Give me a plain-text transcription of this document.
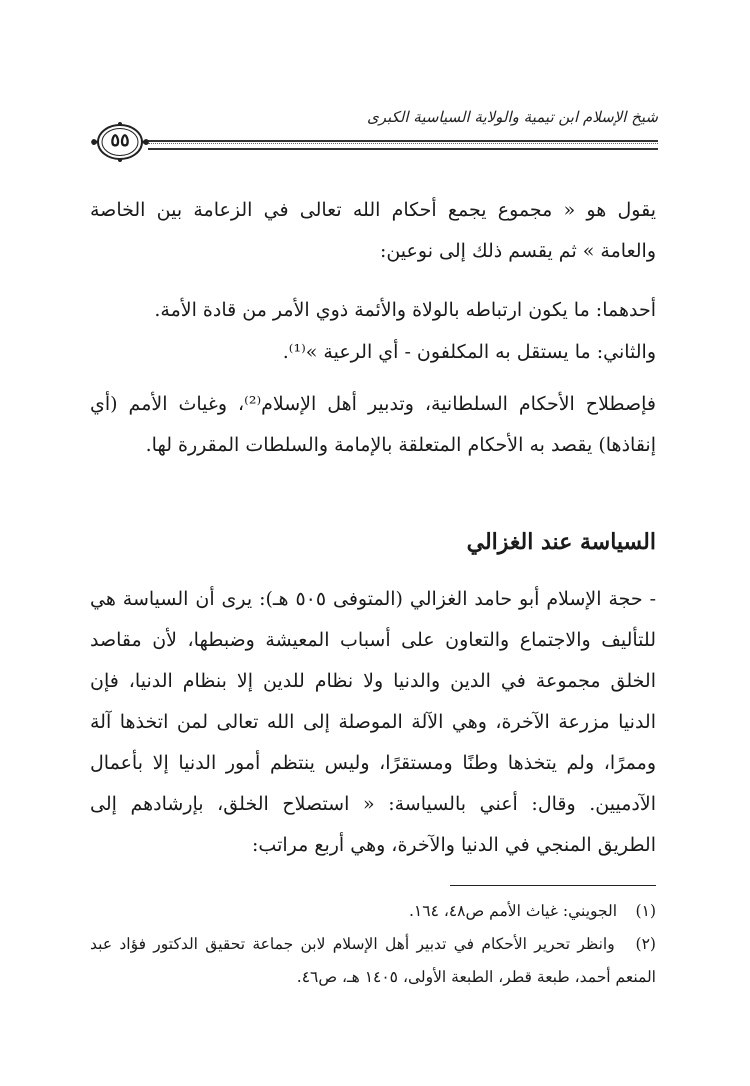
شيخ الإسلام ابن تيمية والولاية السياسية الكبرى
٥٥

يقول هو « مجموع يجمع أحكام الله تعالى في الزعامة بين الخاصة والعامة » ثم يقسم ذلك إلى نوعين:

أحدهما: ما يكون ارتباطه بالولاة والأئمة ذوي الأمر من قادة الأمة.

والثاني: ما يستقل به المكلفون - أي الرعية »⁽¹⁾.

فإصطلاح الأحكام السلطانية، وتدبير أهل الإسلام⁽²⁾، وغياث الأمم (أي إنقاذها) يقصد به الأحكام المتعلقة بالإمامة والسلطات المقررة لها.

السياسة عند الغزالي

- حجة الإسلام أبو حامد الغزالي (المتوفى ٥٠٥ هـ): يرى أن السياسة هي للتأليف والاجتماع والتعاون على أسباب المعيشة وضبطها، لأن مقاصد الخلق مجموعة في الدين والدنيا ولا نظام للدين إلا بنظام الدنيا، فإن الدنيا مزرعة الآخرة، وهي الآلة الموصلة إلى الله تعالى لمن اتخذها آلة وممرًا، ولم يتخذها وطنًا ومستقرًا، وليس ينتظم أمور الدنيا إلا بأعمال الآدميين. وقال: أعني بالسياسة: « استصلاح الخلق، بإرشادهم إلى الطريق المنجي في الدنيا والآخرة، وهي أربع مراتب:

(١) الجويني: غياث الأمم ص٤٨، ١٦٤.

(٢) وانظر تحرير الأحكام في تدبير أهل الإسلام لابن جماعة تحقيق الدكتور فؤاد عبد المنعم أحمد، طبعة قطر، الطبعة الأولى، ١٤٠٥ هـ، ص٤٦.
